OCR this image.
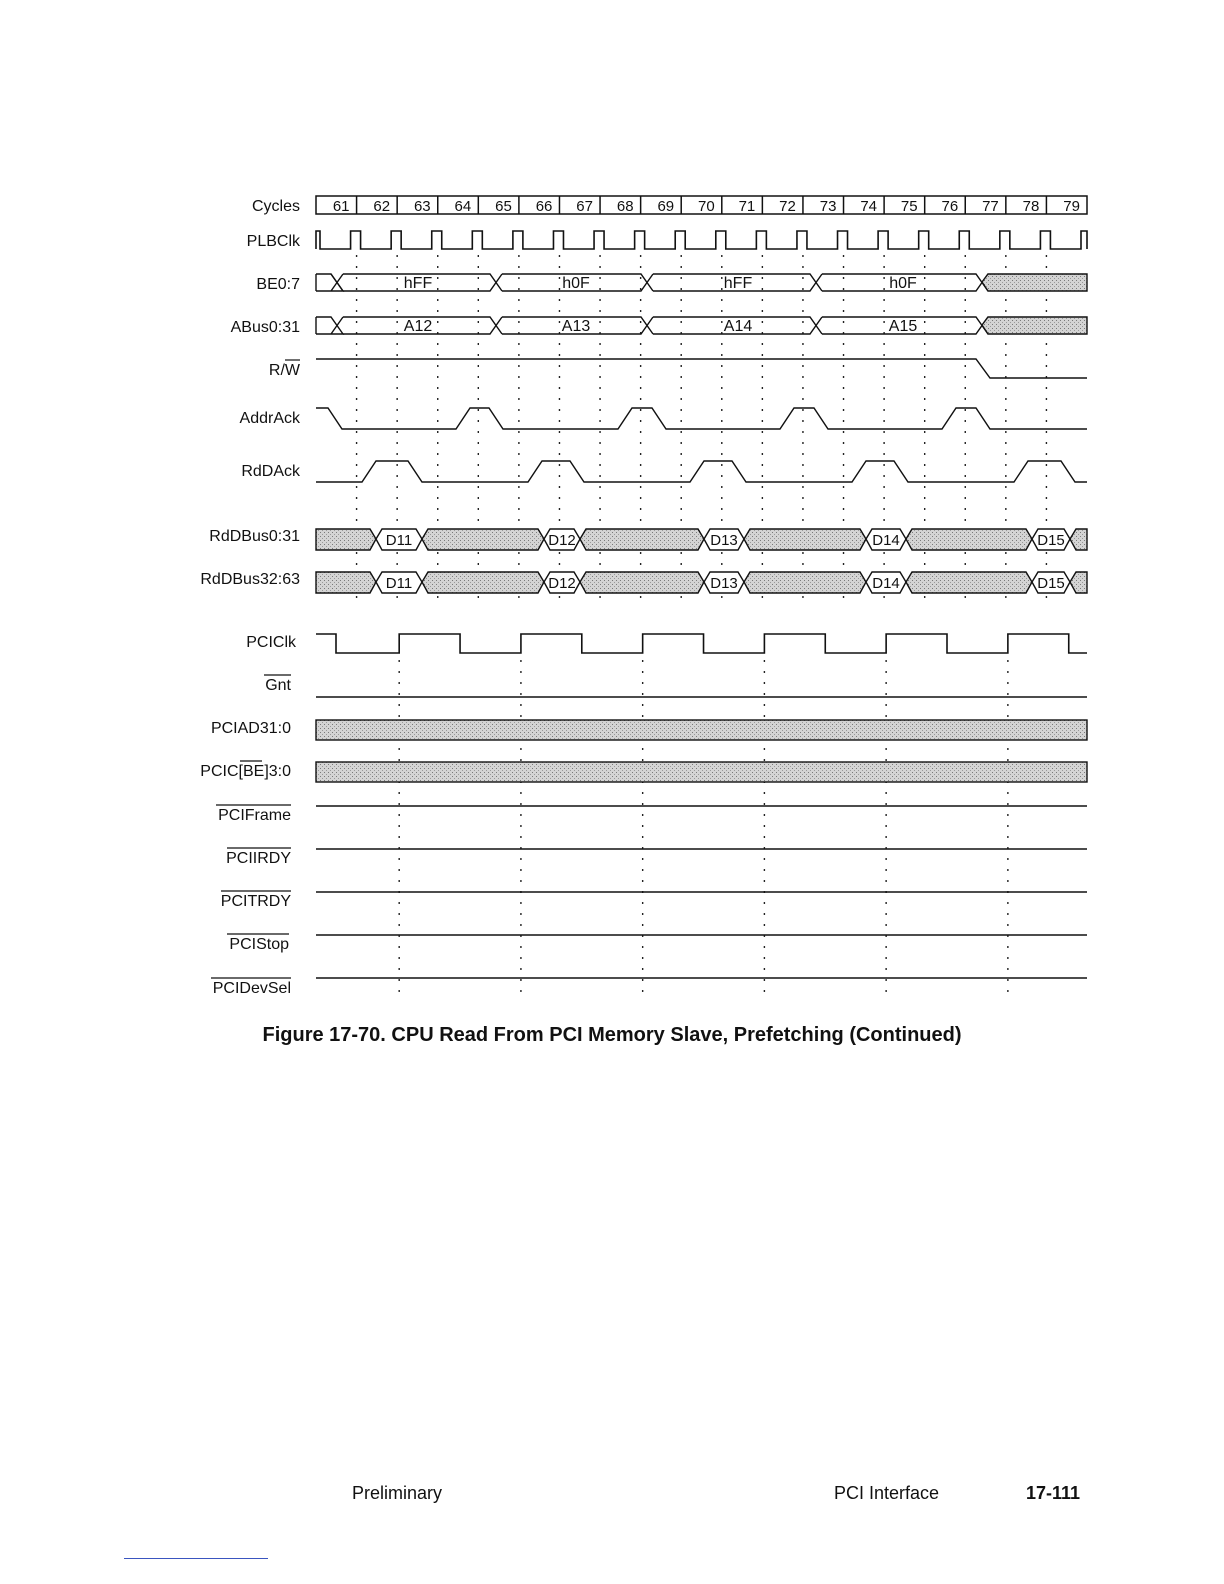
Cycles
PLBClk
BE0:7
ABus0:31
R/W
AddrAck
RdDAck
RdDBus0:31
RdDBus32:63
PCIClk
Gnt
PCIAD31:0
PCIC[BE]3:0
PCIFrame
PCIIRDY
PCITRDY
PCIStop
PCIDevSel
61 62 63 64 65 66 67 68 69 70 71 72 73 74 75 76 77 78 79
hFF	h0F	hFF	h0F
A12	A13	A14	A15
D11	D12	D13	D14	D15
D11	D12	D13	D14	D15
Figure 17-70. CPU Read From PCI Memory Slave, Prefetching (Continued)
Preliminary	PCI Interface	17-111
